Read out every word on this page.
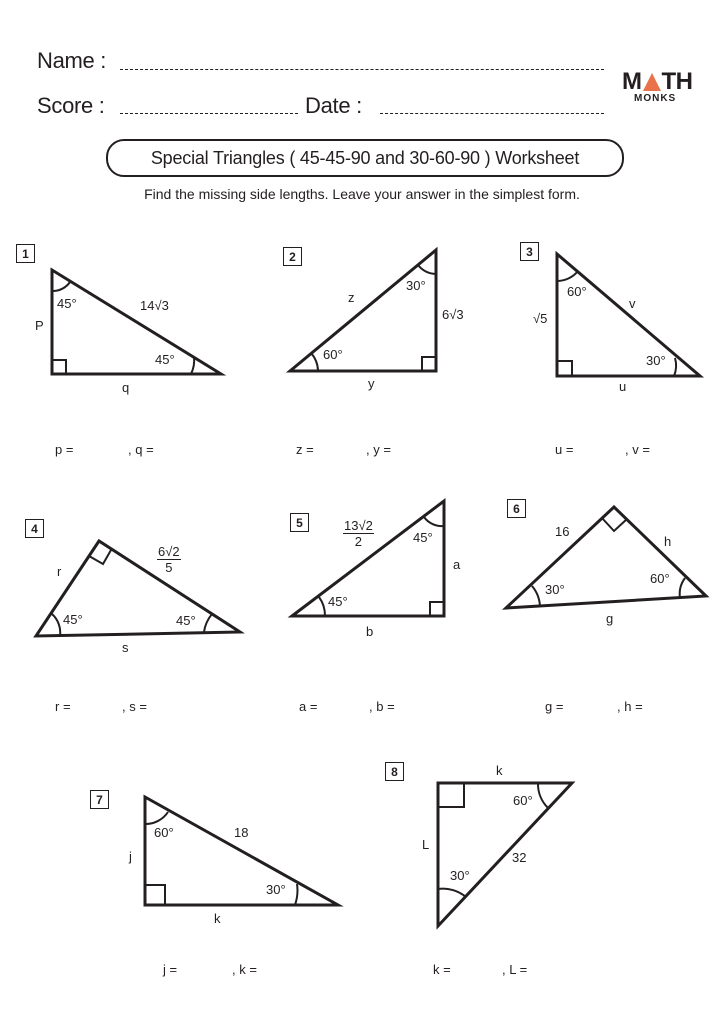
Name :
Score :	Date :
M TH
MONKS
Special Triangles ( 45-45-90 and 30-60-90 ) Worksheet
Find the missing side lengths. Leave your answer in the simplest form.
1
45°	14√3
P
45°
q
p =	, q =
2
30°
z
6√3
60°
y
z =	, y =
3
60°
v
√5
30°
u
u =	, v =
4
$\frac{6√2}{5}$
r
45°	45°
s
r =	, s =
5	$\frac{13√2}{2}$	45°
a
45°
b
a =	, b =
6
16
h
60°
30°
g
g =	, h =
7
60°	18
j
30°
k
j =	, k =
8	k
60°
L
32
30°
k =	, L =
